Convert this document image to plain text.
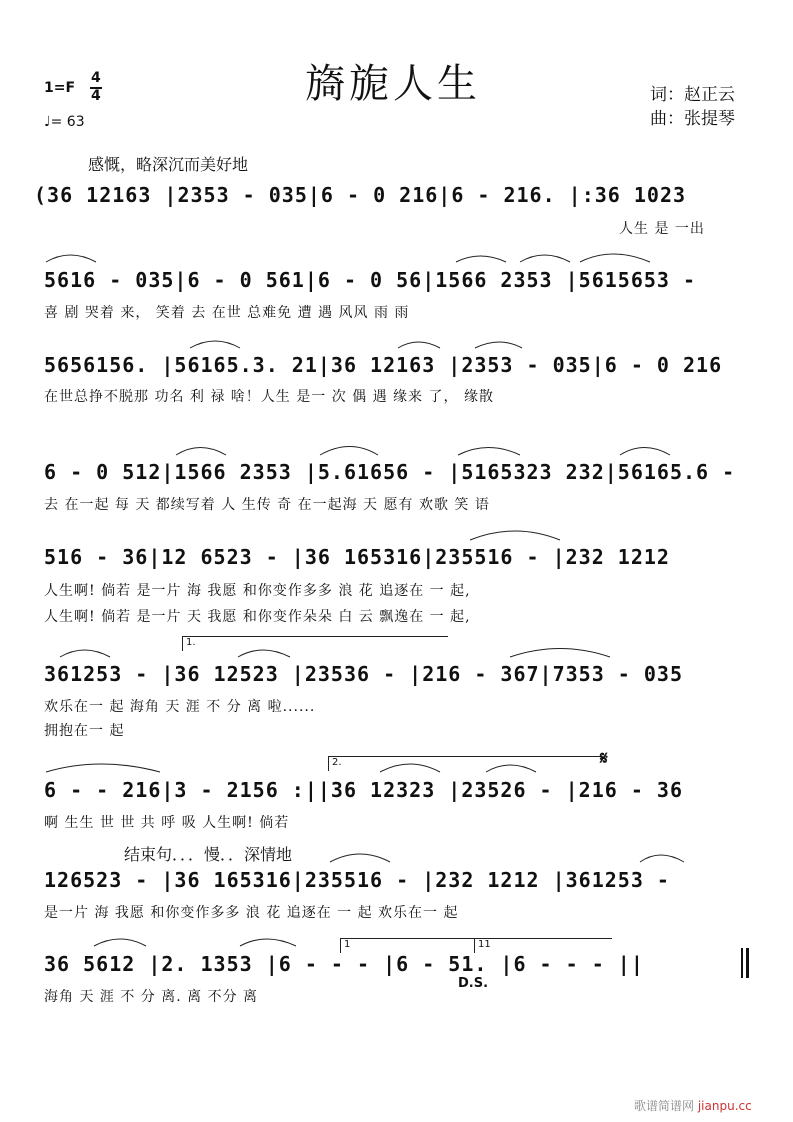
旖旎人生	词：赵正云
曲：张提琴
1=F
4
4
♩= 63
感慨，略深沉而美好地
(36 12163 |2353 - 035|6 - 0 216|6 - 216. |:36 1023
人生 是 一出
5616 - 035|6 - 0 561|6 - 0 56|1566 2353 |5615653 -
喜 剧 哭着 来， 笑着 去 在世 总难免 遭 遇 风风 雨 雨
5656156. |56165.3. 21|36 12163 |2353 - 035|6 - 0 216
在世总挣不脱那 功名 利 禄 啥！人生 是一 次 偶 遇 缘来 了， 缘散
6 - 0 512|1566 2353 |5.61656 - |5165323 232|56165.6 -
去 在一起 每 天 都续写着 人 生传 奇 在一起海 天 愿有 欢歌 笑 语
516 - 36|12 6523 - |36 165316|235516 - |232 1212
人生啊! 倘若 是一片 海 我愿 和你变作多多 浪 花 追逐在 一 起,
人生啊! 倘若 是一片 天 我愿 和你变作朵朵 白 云 飘逸在 一 起,
1.
361253 - |36 12523 |23536 - |216 - 367|7353 - 035
欢乐在一 起 海角 天 涯 不 分 离 啦......
拥抱在一 起
2.	𝄋
6 - - 216|3 - 2156 :||36 12323 |23526 - |216 - 36
啊 生生 世 世 共 呼 吸 人生啊! 倘若
结束句．．．慢．．深情地
126523 - |36 165316|235516 - |232 1212 |361253 -
是一片 海 我愿 和你变作多多 浪 花 追逐在 一 起 欢乐在一 起
1	11
36 5612 |2. 1353 |6 - - - |6 - 51. |6 - - - ||
D.S.
海角 天 涯 不 分 离. 离 不分 离
歌谱简谱网 jianpu.cc
